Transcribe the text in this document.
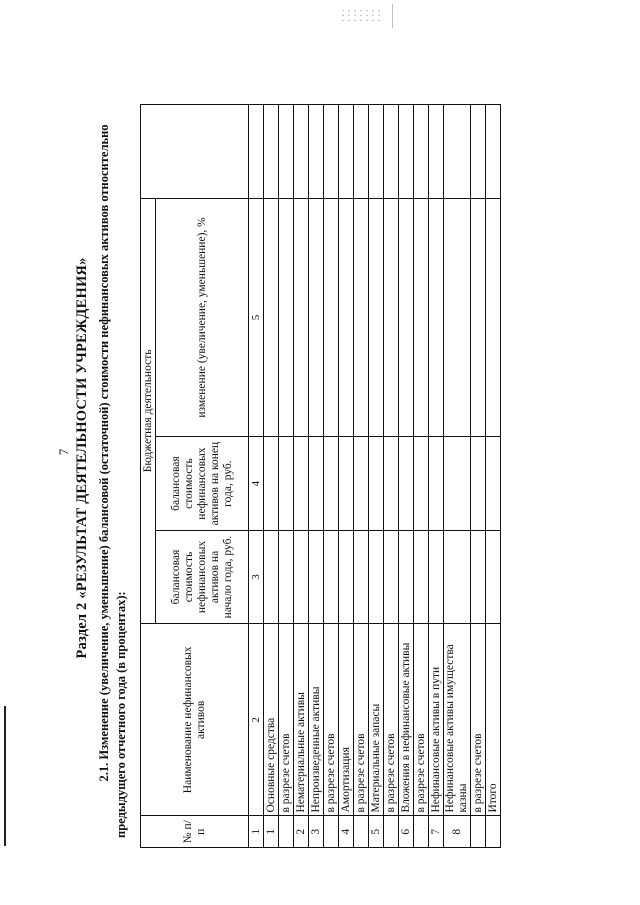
7 Раздел 2 «РЕЗУЛЬТАТ ДЕЯТЕЛЬНОСТИ УЧРЕЖДЕНИЯ» 2.1. Изменение (увеличение, уменьшение) балансовой (остаточной) стоимости нефинансовых активов относительно предыдущего отчетного года (в процентах):	№ п/п	Наименование нефинансовых активов	Бюджетная деятельность			
		балансовая стоимость нефинансовых активов на начало года, руб.	балансовая стоимость нефинансовых активов на конец года, руб.	изменение (увеличение, уменьшение), %	
1	2	3	4	5	
1	Основные средства				
	в разрезе счетов				
2	Нематериальные активы				
3	Непроизведенные активы				
	в разрезе счетов				
4	Амортизация				
	в разрезе счетов				
5	Материальные запасы				
	в разрезе счетов				
6	Вложения в нефинансовые активы				
	в разрезе счетов				
7	Нефинансовые активы в пути				
8	Нефинансовые активы имущества казны				
	в разрезе счетов				
	Итого				
